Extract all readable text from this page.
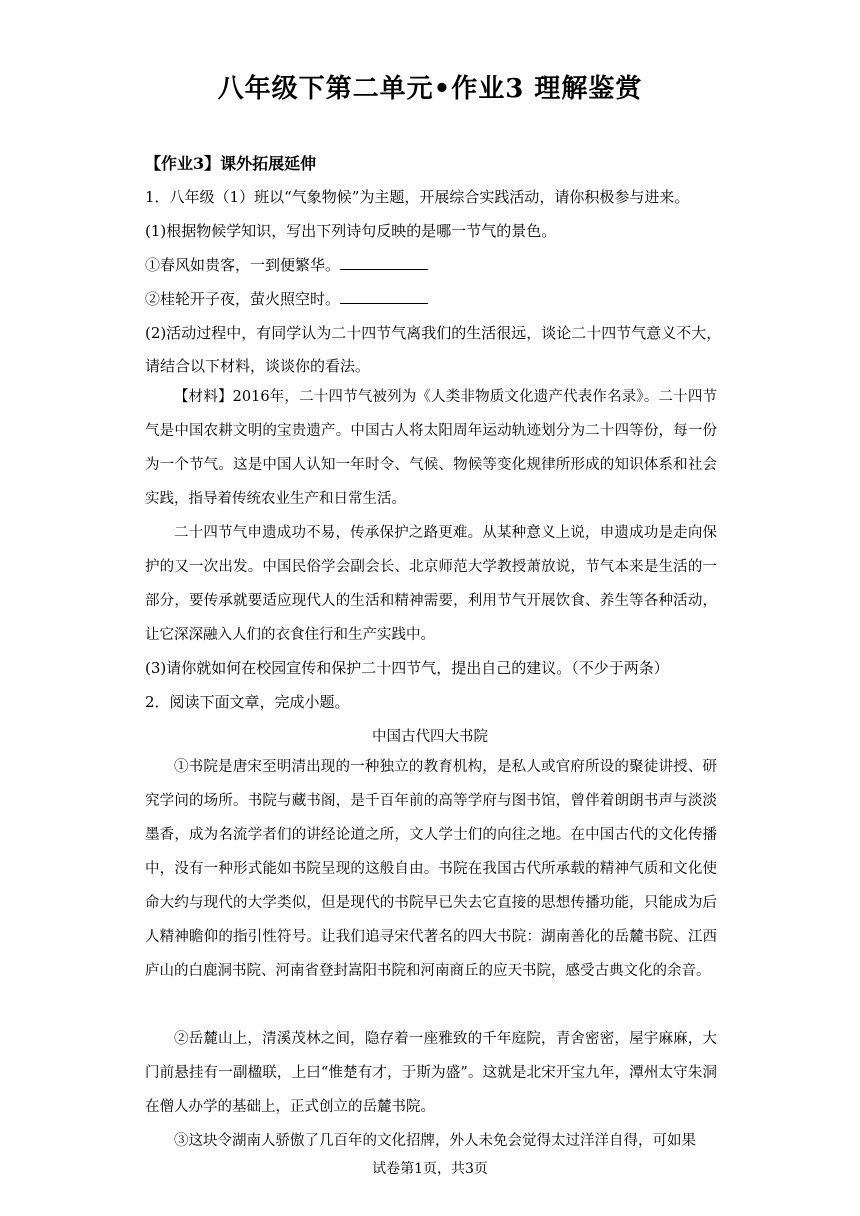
八年级下第二单元•作业3 理解鉴赏
【作业3】课外拓展延伸
1．八年级（1）班以“气象物候”为主题，开展综合实践活动，请你积极参与进来。
(1)根据物候学知识，写出下列诗句反映的是哪一节气的景色。
①春风如贵客，一到便繁华。
②桂轮开子夜，萤火照空时。
(2)活动过程中，有同学认为二十四节气离我们的生活很远，谈论二十四节气意义不大，
请结合以下材料，谈谈你的看法。
【材料】2016年，二十四节气被列为《人类非物质文化遗产代表作名录》。二十四节气是中国农耕文明的宝贵遗产。中国古人将太阳周年运动轨迹划分为二十四等份，每一份为一个节气。这是中国人认知一年时令、气候、物候等变化规律所形成的知识体系和社会实践，指导着传统农业生产和日常生活。
二十四节气申遗成功不易，传承保护之路更难。从某种意义上说，申遗成功是走向保护的又一次出发。中国民俗学会副会长、北京师范大学教授萧放说，节气本来是生活的一部分，要传承就要适应现代人的生活和精神需要，利用节气开展饮食、养生等各种活动，让它深深融入人们的衣食住行和生产实践中。
(3)请你就如何在校园宣传和保护二十四节气，提出自己的建议。（不少于两条）
2．阅读下面文章，完成小题。
中国古代四大书院
①书院是唐宋至明清出现的一种独立的教育机构，是私人或官府所设的聚徒讲授、研究学问的场所。书院与藏书阁，是千百年前的高等学府与图书馆，曾伴着朗朗书声与淡淡墨香，成为名流学者们的讲经论道之所，文人学士们的向往之地。在中国古代的文化传播中，没有一种形式能如书院呈现的这般自由。书院在我国古代所承载的精神气质和文化使命大约与现代的大学类似，但是现代的书院早已失去它直接的思想传播功能，只能成为后人精神瞻仰的指引性符号。让我们追寻宋代著名的四大书院：湖南善化的岳麓书院、江西庐山的白鹿洞书院、河南省登封嵩阳书院和河南商丘的应天书院，感受古典文化的余音。
②岳麓山上，清溪茂林之间，隐存着一座雅致的千年庭院，青舍密密，屋宇麻麻，大门前悬挂有一副楹联，上曰“惟楚有才，于斯为盛”。这就是北宋开宝九年，潭州太守朱洞在僧人办学的基础上，正式创立的岳麓书院。
③这块令湖南人骄傲了几百年的文化招牌，外人未免会觉得太过洋洋自得，可如果
试卷第1页，共3页
